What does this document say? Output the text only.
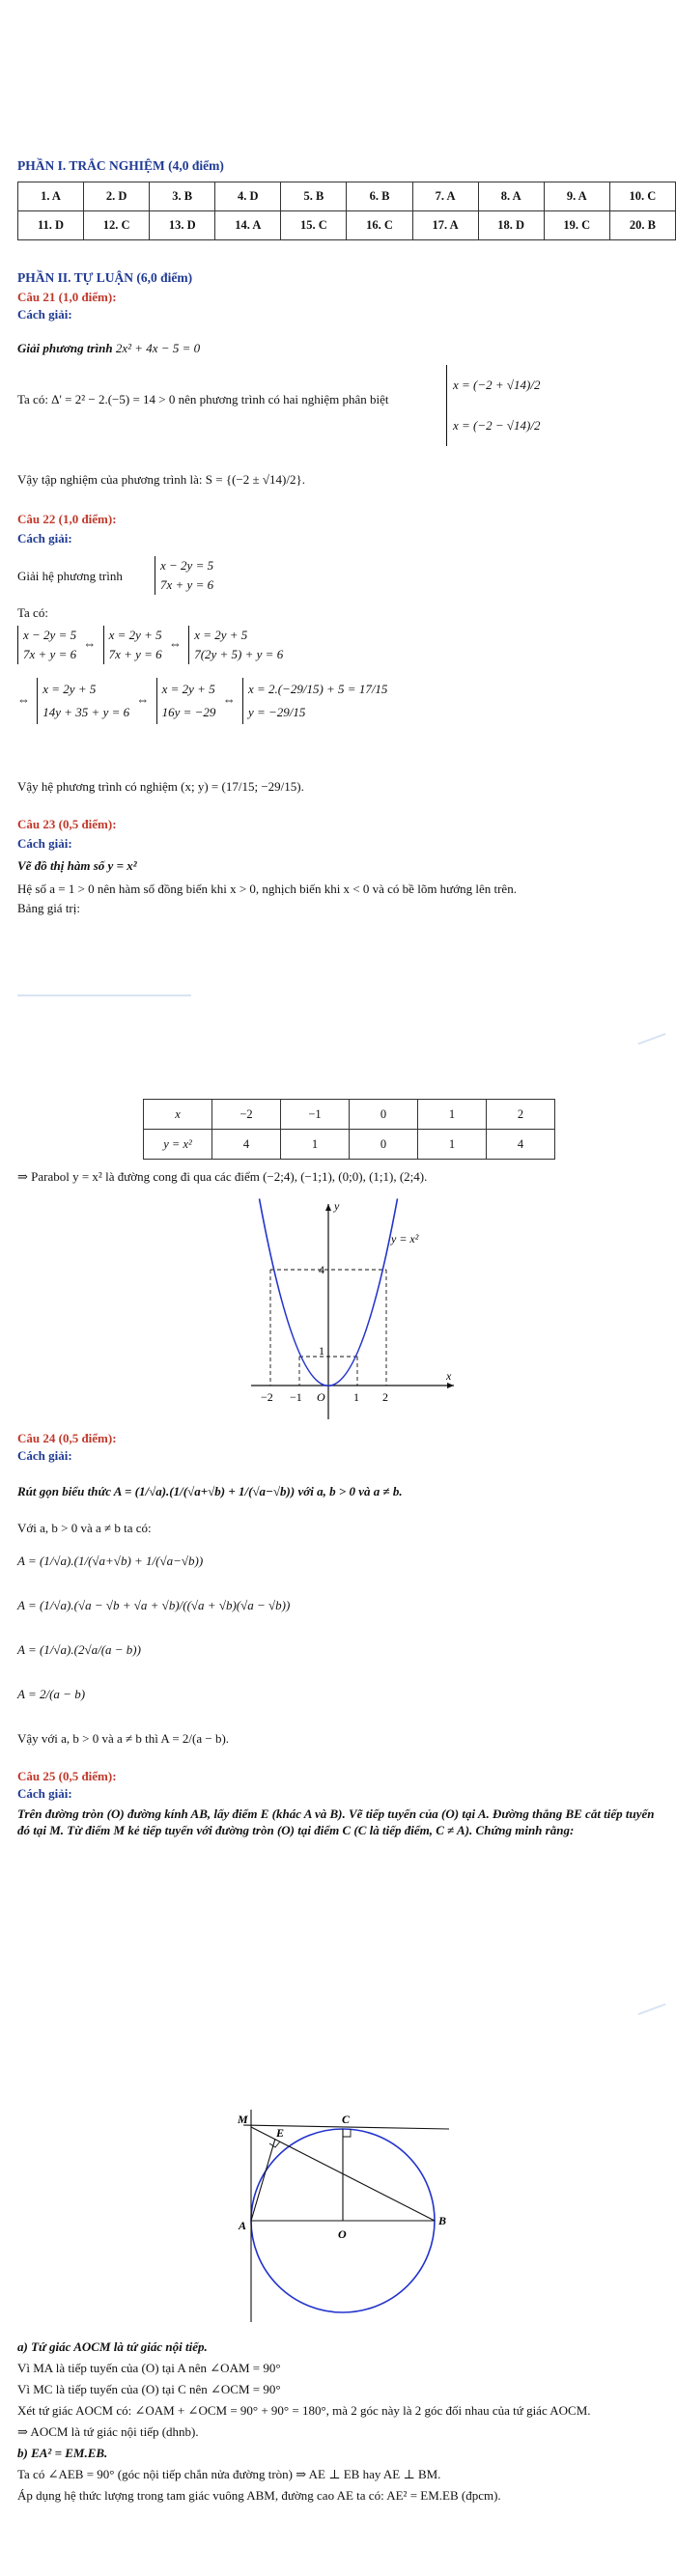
PHẦN I. TRẮC NGHIỆM (4,0 điểm)
1. A	2. D	3. B	4. D	5. B	6. B	7. A	8. A	9. A	10. C
11. D	12. C	13. D	14. A	15. C	16. C	17. A	18. D	19. C	20. B
PHẦN II. TỰ LUẬN (6,0 điểm)
Câu 21 (1,0 điểm):
Cách giải:
Giải phương trình 2x² + 4x − 5 = 0
Ta có: Δ' = 2² − 2.(−5) = 14 > 0 nên phương trình có hai nghiệm phân biệt
x = (−2 + √14)/2
x = (−2 − √14)/2
Vậy tập nghiệm của phương trình là: S = {(−2 ± √14)/2}.
Câu 22 (1,0 điểm):
Cách giải:
Giải hệ phương trình
x − 2y = 5
7x + y = 6
Ta có:
x − 2y = 5
7x + y = 6
⇔
x = 2y + 5
7x + y = 6
⇔
x = 2y + 5
7(2y + 5) + y = 6
⇔
x = 2y + 5
14y + 35 + y = 6
⇔
x = 2y + 5
16y = −29
⇔
x = 2.(−29/15) + 5 = 17/15
y = −29/15
Vậy hệ phương trình có nghiệm (x; y) = (17/15; −29/15).
Câu 23 (0,5 điểm):
Cách giải:
Vẽ đồ thị hàm số y = x²
Hệ số a = 1 > 0 nên hàm số đồng biến khi x > 0, nghịch biến khi x < 0 và có bề lõm hướng lên trên.
Bảng giá trị:
x	−2	−1	0	1	2
y = x²	4	1	0	1	4
⇒ Parabol y = x² là đường cong đi qua các điểm (−2;4), (−1;1), (0;0), (1;1), (2;4).
y
x
y = x²
4
1
−2 −1 O 1 2
Câu 24 (0,5 điểm):
Cách giải:
Rút gọn biểu thức A = (1/√a).(1/(√a+√b) + 1/(√a−√b)) với a, b > 0 và a ≠ b.
Với a, b > 0 và a ≠ b ta có:
A = (1/√a).(1/(√a+√b) + 1/(√a−√b))
A = (1/√a).(√a − √b + √a + √b)/((√a + √b)(√a − √b))
A = (1/√a).(2√a/(a − b))
A = 2/(a − b)
Vậy với a, b > 0 và a ≠ b thì A = 2/(a − b).
Câu 25 (0,5 điểm):
Cách giải:
Trên đường tròn (O) đường kính AB, lấy điểm E (khác A và B). Vẽ tiếp tuyến của (O) tại A. Đường thẳng BE cắt tiếp tuyến đó tại M. Từ điểm M kẻ tiếp tuyến với đường tròn (O) tại điểm C (C là tiếp điểm, C ≠ A). Chứng minh rằng:
M
E
C
A
O
B
a) Tứ giác AOCM là tứ giác nội tiếp.
Vì MA là tiếp tuyến của (O) tại A nên ∠OAM = 90°
Vì MC là tiếp tuyến của (O) tại C nên ∠OCM = 90°
Xét tứ giác AOCM có: ∠OAM + ∠OCM = 90° + 90° = 180°, mà 2 góc này là 2 góc đối nhau của tứ giác AOCM.
⇒ AOCM là tứ giác nội tiếp (dhnb).
b) EA² = EM.EB.
Ta có ∠AEB = 90° (góc nội tiếp chắn nửa đường tròn) ⇒ AE ⊥ EB hay AE ⊥ BM.
Áp dụng hệ thức lượng trong tam giác vuông ABM, đường cao AE ta có: AE² = EM.EB (đpcm).
